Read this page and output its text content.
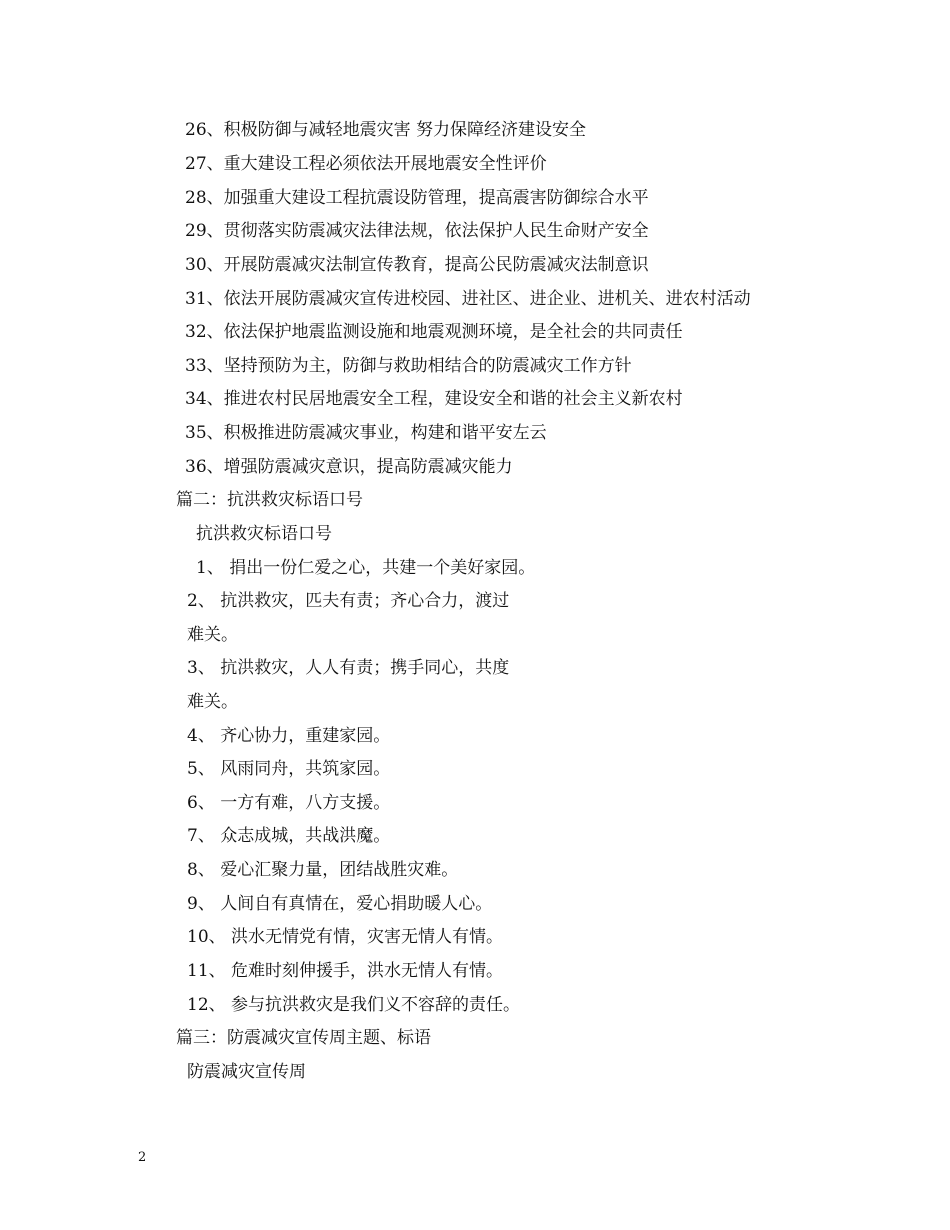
26、积极防御与减轻地震灾害 努力保障经济建设安全
27、重大建设工程必须依法开展地震安全性评价
28、加强重大建设工程抗震设防管理，提高震害防御综合水平
29、贯彻落实防震减灾法律法规，依法保护人民生命财产安全
30、开展防震减灾法制宣传教育，提高公民防震减灾法制意识
31、依法开展防震减灾宣传进校园、进社区、进企业、进机关、进农村活动
32、依法保护地震监测设施和地震观测环境，是全社会的共同责任
33、坚持预防为主，防御与救助相结合的防震减灾工作方针
34、推进农村民居地震安全工程，建设安全和谐的社会主义新农村
35、积极推进防震减灾事业，构建和谐平安左云
36、增强防震减灾意识，提高防震减灾能力
篇二：抗洪救灾标语口号
抗洪救灾标语口号
1、 捐出一份仁爱之心，共建一个美好家园。
2、 抗洪救灾，匹夫有责；齐心合力，渡过
难关。
3、 抗洪救灾，人人有责；携手同心，共度
难关。
4、 齐心协力，重建家园。
5、 风雨同舟，共筑家园。
6、 一方有难，八方支援。
7、 众志成城，共战洪魔。
8、 爱心汇聚力量，团结战胜灾难。
9、 人间自有真情在，爱心捐助暖人心。
10、 洪水无情党有情，灾害无情人有情。
11、 危难时刻伸援手，洪水无情人有情。
12、 参与抗洪救灾是我们义不容辞的责任。
篇三：防震减灾宣传周主题、标语
防震减灾宣传周
2
